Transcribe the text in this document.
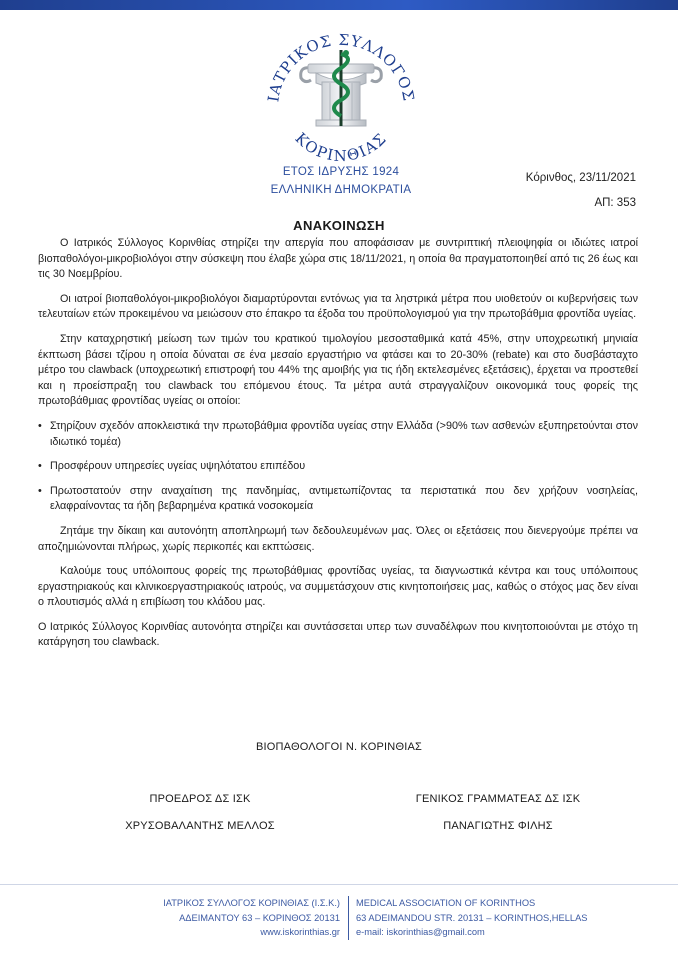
ΙΑΤΡΙΚΟΣ ΣΥΛΛΟΓΟΣ
ΚΟΡΙΝΘΙΑΣ
ΕΤΟΣ ΙΔΡΥΣΗΣ 1924
ΕΛΛΗΝΙΚΗ ΔΗΜΟΚΡΑΤΙΑ
Κόρινθος, 23/11/2021
ΑΠ: 353
ΑΝΑΚΟΙΝΩΣΗ

Ο Ιατρικός Σύλλογος Κορινθίας στηρίζει την απεργία που αποφάσισαν με συντριπτική πλειοψηφία οι ιδιώτες ιατροί βιοπαθολόγοι-μικροβιολόγοι στην σύσκεψη που έλαβε χώρα στις 18/11/2021, η οποία θα πραγματοποιηθεί από τις 26 έως και τις 30 Νοεμβρίου.

Οι ιατροί βιοπαθολόγοι-μικροβιολόγοι διαμαρτύρονται εντόνως για τα ληστρικά μέτρα που υιοθετούν οι κυβερνήσεις των τελευταίων ετών προκειμένου να μειώσουν στο έπακρο τα έξοδα του προϋπολογισμού για την πρωτοβάθμια φροντίδα υγείας.

Στην καταχρηστική μείωση των τιμών του κρατικού τιμολογίου μεσοσταθμικά κατά 45%, στην υποχρεωτική μηνιαία έκπτωση βάσει τζίρου η οποία δύναται σε ένα μεσαίο εργαστήριο να φτάσει και το 20-30% (rebate) και στο δυσβάσταχτο μέτρο του clawback (υποχρεωτική επιστροφή του 44% της αμοιβής για τις ήδη εκτελεσμένες εξετάσεις), έρχεται να προστεθεί και η προείσπραξη του clawback του επόμενου έτους. Τα μέτρα αυτά στραγγαλίζουν οικονομικά τους φορείς της πρωτοβάθμιας φροντίδας υγείας οι οποίοι:

• Στηρίζουν σχεδόν αποκλειστικά την πρωτοβάθμια φροντίδα υγείας στην Ελλάδα (>90% των ασθενών εξυπηρετούνται στον ιδιωτικό τομέα)
• Προσφέρουν υπηρεσίες υγείας υψηλότατου επιπέδου
• Πρωτοστατούν στην αναχαίτιση της πανδημίας, αντιμετωπίζοντας τα περιστατικά που δεν χρήζουν νοσηλείας, ελαφραίνοντας τα ήδη βεβαρημένα κρατικά νοσοκομεία

Ζητάμε την δίκαιη και αυτονόητη αποπληρωμή των δεδουλευμένων μας. Όλες οι εξετάσεις που διενεργούμε πρέπει να αποζημιώνονται πλήρως, χωρίς περικοπές και εκπτώσεις.

Καλούμε τους υπόλοιπους φορείς της πρωτοβάθμιας φροντίδας υγείας, τα διαγνωστικά κέντρα και τους υπόλοιπους εργαστηριακούς και κλινικοεργαστηριακούς ιατρούς, να συμμετάσχουν στις κινητοποιήσεις μας, καθώς ο στόχος μας δεν είναι ο πλουτισμός αλλά η επιβίωση του κλάδου μας.

Ο Ιατρικός Σύλλογος Κορινθίας αυτονόητα στηρίζει και συντάσσεται υπερ των συναδέλφων που κινητοποιούνται με στόχο τη κατάργηση του clawback.

ΒΙΟΠΑΘΟΛΟΓΟΙ Ν. ΚΟΡΙΝΘΙΑΣ
ΠΡΟΕΔΡΟΣ ΔΣ ΙΣΚ
ΧΡΥΣΟΒΑΛΑΝΤΗΣ ΜΕΛΛΟΣ
ΓΕΝΙΚΟΣ ΓΡΑΜΜΑΤΕΑΣ ΔΣ ΙΣΚ
ΠΑΝΑΓΙΩΤΗΣ ΦΙΛΗΣ
ΙΑΤΡΙΚΟΣ ΣΥΛΛΟΓΟΣ ΚΟΡΙΝΘΙΑΣ (Ι.Σ.Κ.)
ΑΔΕΙΜΑΝΤΟΥ 63 – ΚΟΡΙΝΘΟΣ 20131
www.iskorinthias.gr
MEDICAL ASSOCIATION OF KORINTHOS
63 ADEIMANDOU STR. 20131 – KORINTHOS,HELLAS
e-mail: iskorinthias@gmail.com
